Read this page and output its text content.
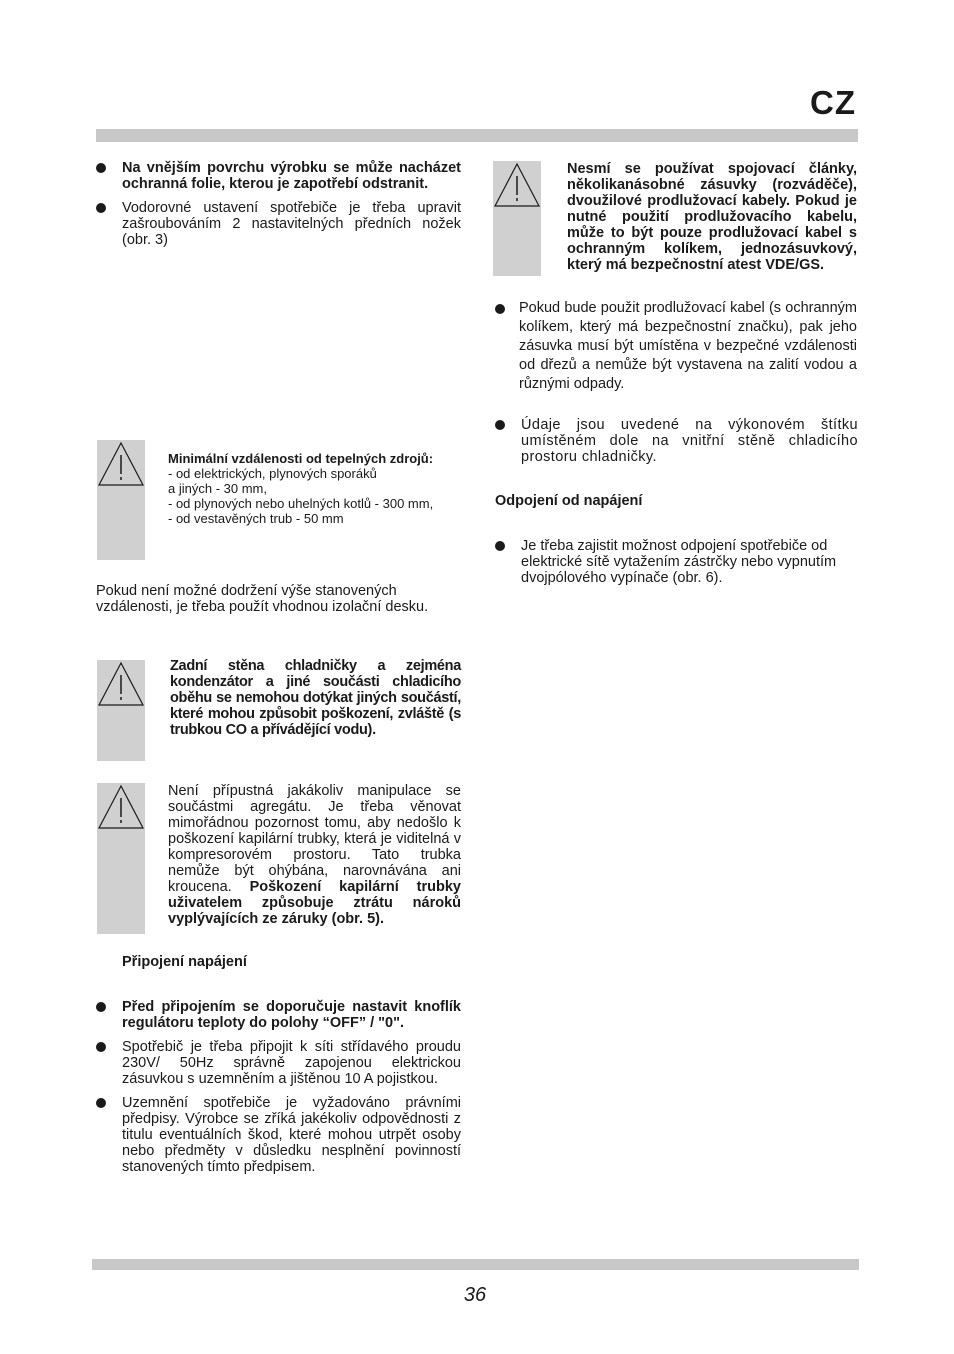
CZ
Na vnějším povrchu výrobku se může nacházet ochranná folie, kterou je zapotřebí odstranit.
Vodorovné ustavení spotřebiče je třeba upravit zašroubováním 2 nastavitelných předních nožek (obr. 3)
Minimální vzdálenosti od tepelných zdrojů:
- od elektrických, plynových sporáků
a jiných - 30 mm,
- od plynových nebo uhelných kotlů - 300 mm,
- od vestavěných trub - 50 mm
Pokud není možné dodržení výše stanovených vzdálenosti, je třeba použít vhodnou izolační desku.
Zadní stěna chladničky a zejména kondenzátor a jiné součásti chladicího oběhu se nemohou dotýkat jiných součástí, které mohou způsobit poškození, zvláště (s trubkou CO a přívádějící vodu).
Není přípustná jakákoliv manipulace se součástmi agregátu. Je třeba věnovat mimořádnou pozornost tomu, aby nedošlo k poškození kapilární trubky, která je viditelná v kompresorovém prostoru. Tato trubka nemůže být ohýbána, narovnávána ani kroucena. Poškození kapilární trubky uživatelem způsobuje ztrátu nároků vyplývajících ze záruky (obr. 5).
Připojení napájení
Před připojením se doporučuje nastavit knoflík regulátoru teploty do polohy “OFF” / "0".
Spotřebič je třeba připojit k síti střídavého proudu 230V/ 50Hz správně zapojenou elektrickou zásuvkou s uzemněním a jištěnou 10 A pojistkou.
Uzemnění spotřebiče je vyžadováno právními předpisy. Výrobce se zříká jakékoliv odpovědnosti z titulu eventuálních škod, které mohou utrpět osoby nebo předměty v důsledku nesplnění povinností stanovených tímto předpisem.
Nesmí se používat spojovací články, několikanásobné zásuvky (rozváděče), dvoužilové prodlužovací kabely. Pokud je nutné použití prodlužovacího kabelu, může to být pouze prodlužovací kabel s ochranným kolíkem, jednozásuvkový, který má bezpečnostní atest VDE/GS.
Pokud bude použit prodlužovací kabel (s ochranným kolíkem, který má bezpečnostní značku), pak jeho zásuvka musí být umístěna v bezpečné vzdálenosti od dřezů a nemůže být vystavena na zalití vodou a různými odpady.
Údaje jsou uvedené na výkonovém štítku umístěném dole na vnitřní stěně chladicího prostoru chladničky.
Odpojení od napájení
Je třeba zajistit možnost odpojení spotřebiče od elektrické sítě vytažením zástrčky nebo vypnutím dvojpólového vypínače (obr. 6).
36
